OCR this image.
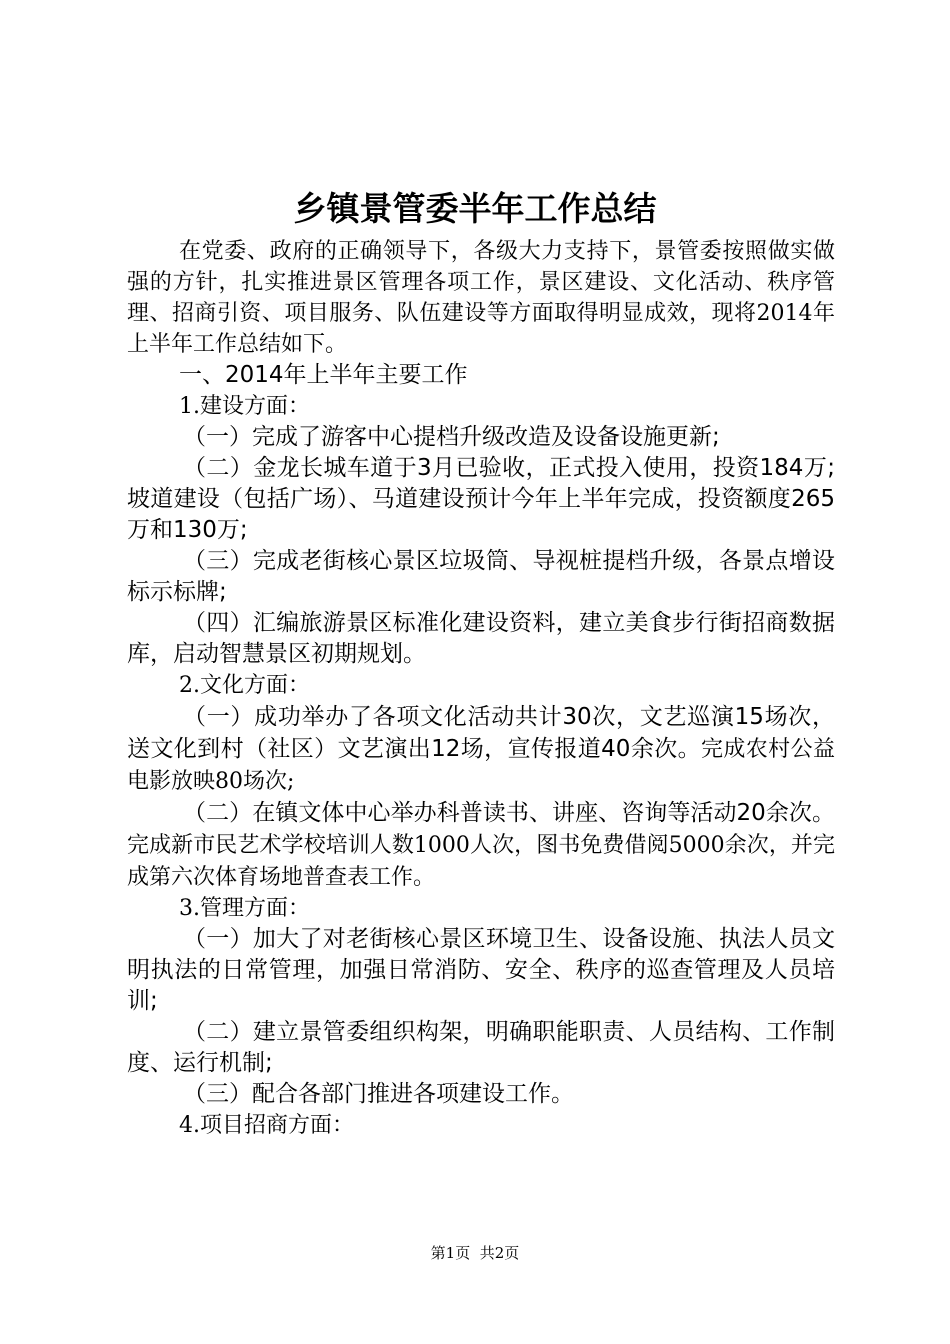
乡镇景管委半年工作总结

在党委、政府的正确领导下，各级大力支持下，景管委按照做实做强的方针，扎实推进景区管理各项工作，景区建设、文化活动、秩序管理、招商引资、项目服务、队伍建设等方面取得明显成效，现将2014年上半年工作总结如下。

一、2014年上半年主要工作

1.建设方面：

（一）完成了游客中心提档升级改造及设备设施更新;

（二）金龙长城车道于3月已验收，正式投入使用，投资184万;坡道建设（包括广场）、马道建设预计今年上半年完成，投资额度265万和130万;

（三）完成老街核心景区垃圾筒、导视桩提档升级，各景点增设标示标牌;

（四）汇编旅游景区标准化建设资料，建立美食步行街招商数据库，启动智慧景区初期规划。

2.文化方面：

（一）成功举办了各项文化活动共计30次，文艺巡演15场次，送文化到村（社区）文艺演出12场，宣传报道40余次。完成农村公益电影放映80场次;

（二）在镇文体中心举办科普读书、讲座、咨询等活动20余次。完成新市民艺术学校培训人数1000人次，图书免费借阅5000余次，并完成第六次体育场地普查表工作。

3.管理方面：

（一）加大了对老街核心景区环境卫生、设备设施、执法人员文明执法的日常管理，加强日常消防、安全、秩序的巡查管理及人员培训;

（二）建立景管委组织构架，明确职能职责、人员结构、工作制度、运行机制;

（三）配合各部门推进各项建设工作。

4.项目招商方面：

第1页 共2页
